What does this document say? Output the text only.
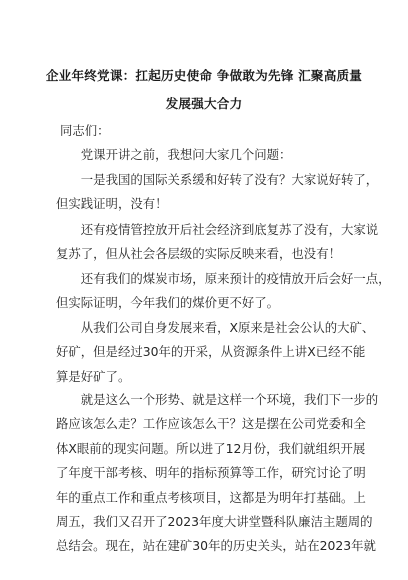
企业年终党课：扛起历史使命 争做敢为先锋 汇聚高质量
发展强大合力
同志们：

党课开讲之前，我想问大家几个问题：

一是我国的国际关系缓和好转了没有？大家说好转了，
但实践证明，没有！

还有疫情管控放开后社会经济到底复苏了没有，大家说
复苏了，但从社会各层级的实际反映来看，也没有！

还有我们的煤炭市场，原来预计的疫情放开后会好一点，
但实际证明，今年我们的煤价更不好了。

从我们公司自身发展来看，X原来是社会公认的大矿、
好矿，但是经过30年的开采，从资源条件上讲X已经不能
算是好矿了。

就是这么一个形势、就是这样一个环境，我们下一步的
路应该怎么走？工作应该怎么干？这是摆在公司党委和全
体X眼前的现实问题。所以进了12月份，我们就组织开展
了年度干部考核、明年的指标预算等工作，研究讨论了明
年的重点工作和重点考核项目，这都是为明年打基础。上
周五，我们又召开了2023年度大讲堂暨科队廉洁主题周的
总结会。现在，站在建矿30年的历史关头，站在2023年就
